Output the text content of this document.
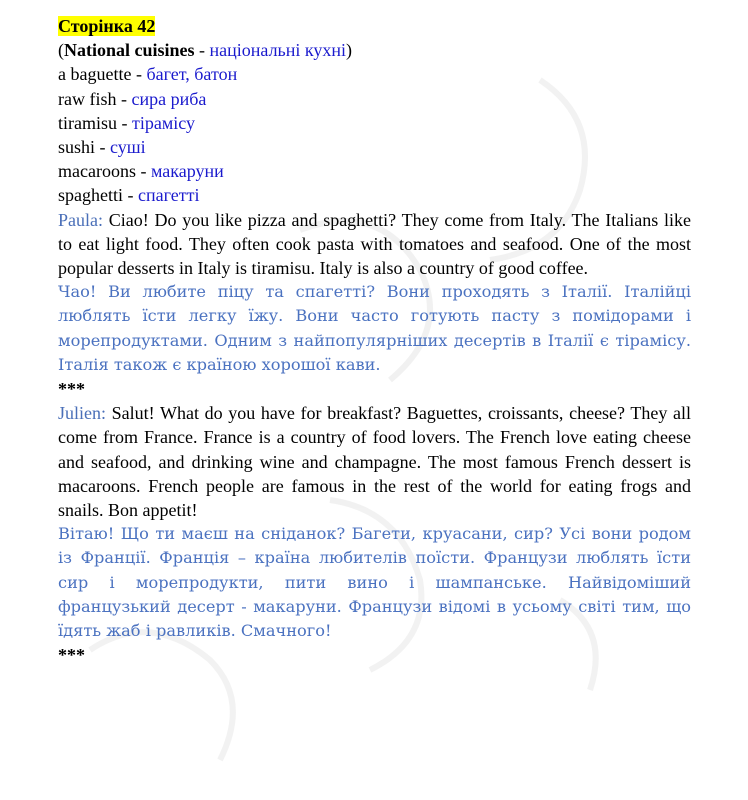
Сторінка 42
(National cuisines - національні кухні)
a baguette - багет, батон
raw fish - сира риба
tiramisu - тірамісу
sushi - суші
macaroons - макаруни
spaghetti - спагетті
Paula: Ciao! Do you like pizza and spaghetti? They come from Italy. The Italians like to eat light food. They often cook pasta with tomatoes and seafood. One of the most popular desserts in Italy is tiramisu. Italy is also a country of good coffee.
Чао! Ви любите піцу та спагетті? Вони проходять з Італії. Італійці люблять їсти легку їжу. Вони часто готують пасту з помідорами і морепродуктами. Одним з найпопулярніших десертів в Італії є тірамісу. Італія також є країною хорошої кави.
***
Julien: Salut! What do you have for breakfast? Baguettes, croissants, cheese? They all come from France. France is a country of food lovers. The French love eating cheese and seafood, and drinking wine and champagne. The most famous French dessert is macaroons. French people are famous in the rest of the world for eating frogs and snails. Bon appetit!
Вітаю! Що ти маєш на сніданок? Багети, круасани, сир? Усі вони родом із Франції. Франція – країна любителів поїсти. Французи люблять їсти сир і морепродукти, пити вино і шампанське. Найвідоміший французький десерт - макаруни. Французи відомі в усьому світі тим, що їдять жаб і равликів. Смачного!
***
